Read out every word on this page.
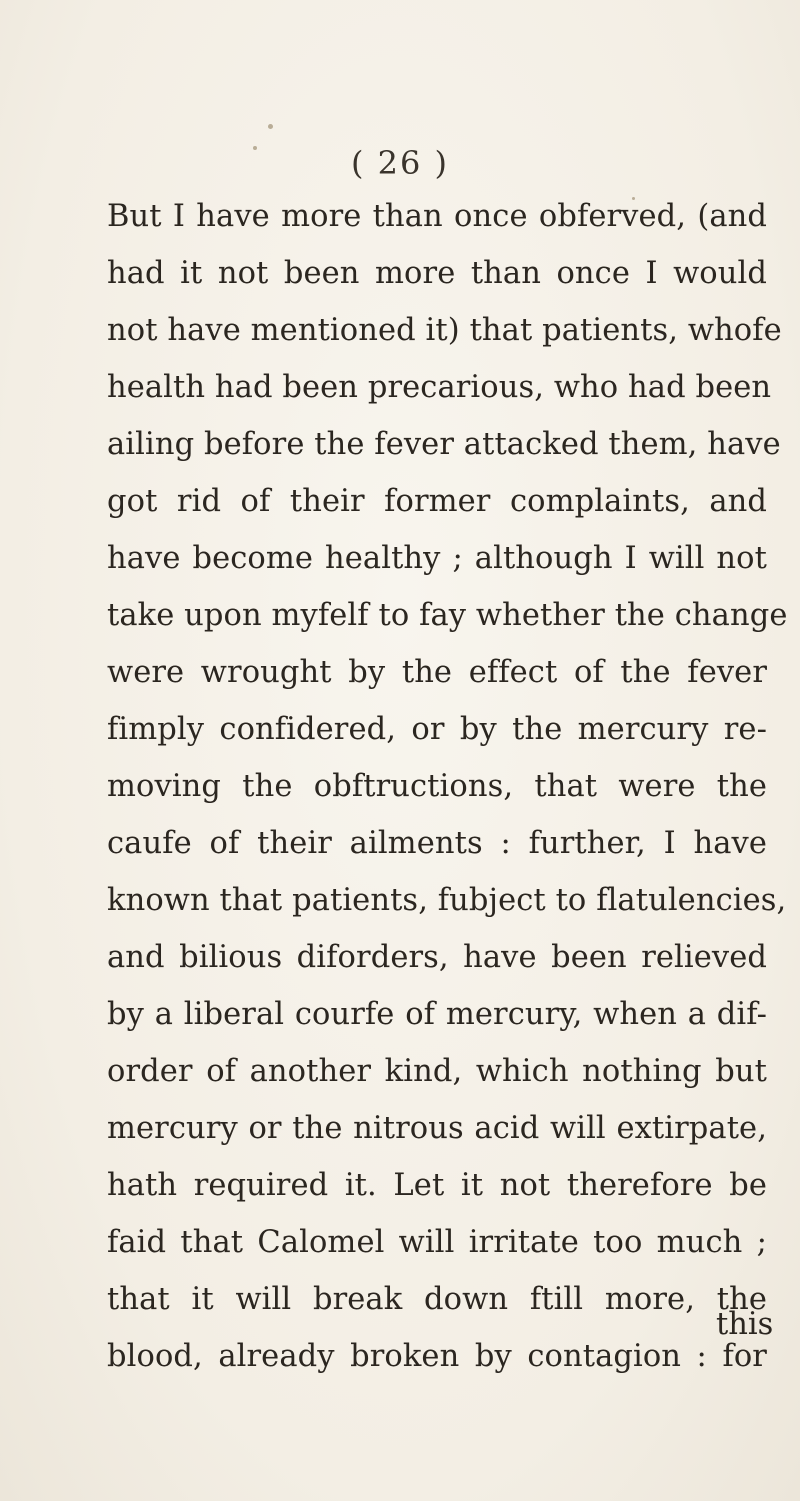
( 26 )
But I have more than once obferved, (and
had it not been more than once I would
not have mentioned it) that patients, whofe
health had been precarious, who had been
ailing before the fever attacked them, have
got rid of their former complaints, and
have become healthy ; although I will not
take upon myfelf to fay whether the change
were wrought by the effect of the fever
fimply confidered, or by the mercury re-
moving the obftructions, that were the
caufe of their ailments : further, I have
known that patients, fubject to flatulencies,
and bilious diforders, have been relieved
by a liberal courfe of mercury, when a dif-
order of another kind, which nothing but
mercury or the nitrous acid will extirpate,
hath required it. Let it not therefore be
faid that Calomel will irritate too much ;
that it will break down ftill more, the
blood, already broken by contagion : for
this
